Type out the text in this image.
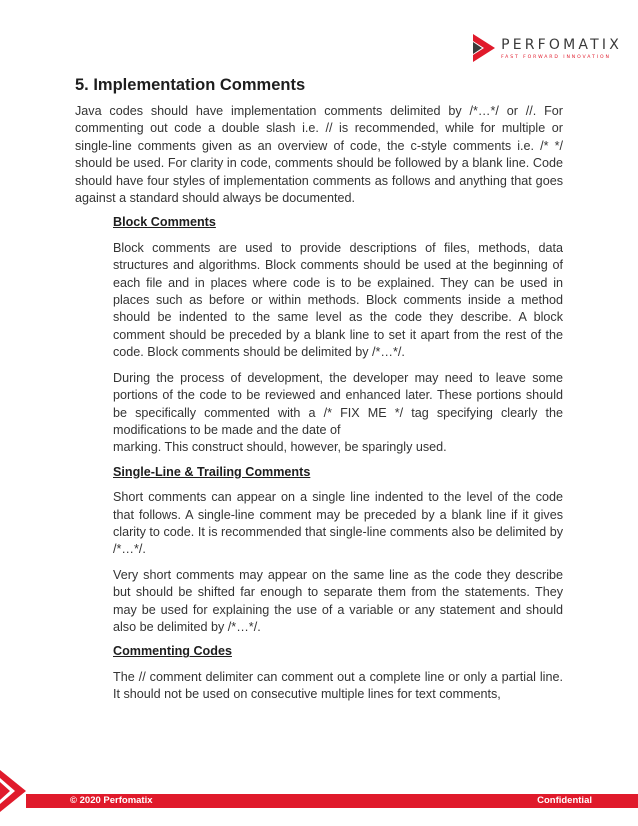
PERFOMATIX
FAST FORWARD INNOVATION
5. Implementation Comments

Java codes should have implementation comments delimited by /*…*/ or //. For commenting out code a double slash i.e. // is recommended, while for multiple or single-line comments given as an overview of code, the c-style comments i.e. /* */ should be used. For clarity in code, comments should be followed by a blank line. Code should have four styles of implementation comments as follows and anything that goes against a standard should always be documented.

Block Comments

Block comments are used to provide descriptions of files, methods, data structures and algorithms. Block comments should be used at the beginning of each file and in places where code is to be explained. They can be used in places such as before or within methods. Block comments inside a method should be indented to the same level as the code they describe. A block comment should be preceded by a blank line to set it apart from the rest of the code. Block comments should be delimited by /*…*/.

During the process of development, the developer may need to leave some portions of the code to be reviewed and enhanced later. These portions should be specifically commented with a /* FIX ME */ tag specifying clearly the modifications to be made and the date of
marking. This construct should, however, be sparingly used.

Single-Line & Trailing Comments

Short comments can appear on a single line indented to the level of the code that follows. A single-line comment may be preceded by a blank line if it gives clarity to code. It is recommended that single-line comments also be delimited by /*…*/.

Very short comments may appear on the same line as the code they describe but should be shifted far enough to separate them from the statements. They may be used for explaining the use of a variable or any statement and should also be delimited by /*…*/.

Commenting Codes

The // comment delimiter can comment out a complete line or only a partial line. It should not be used on consecutive multiple lines for text comments,

© 2020 Perfomatix	Confidential
